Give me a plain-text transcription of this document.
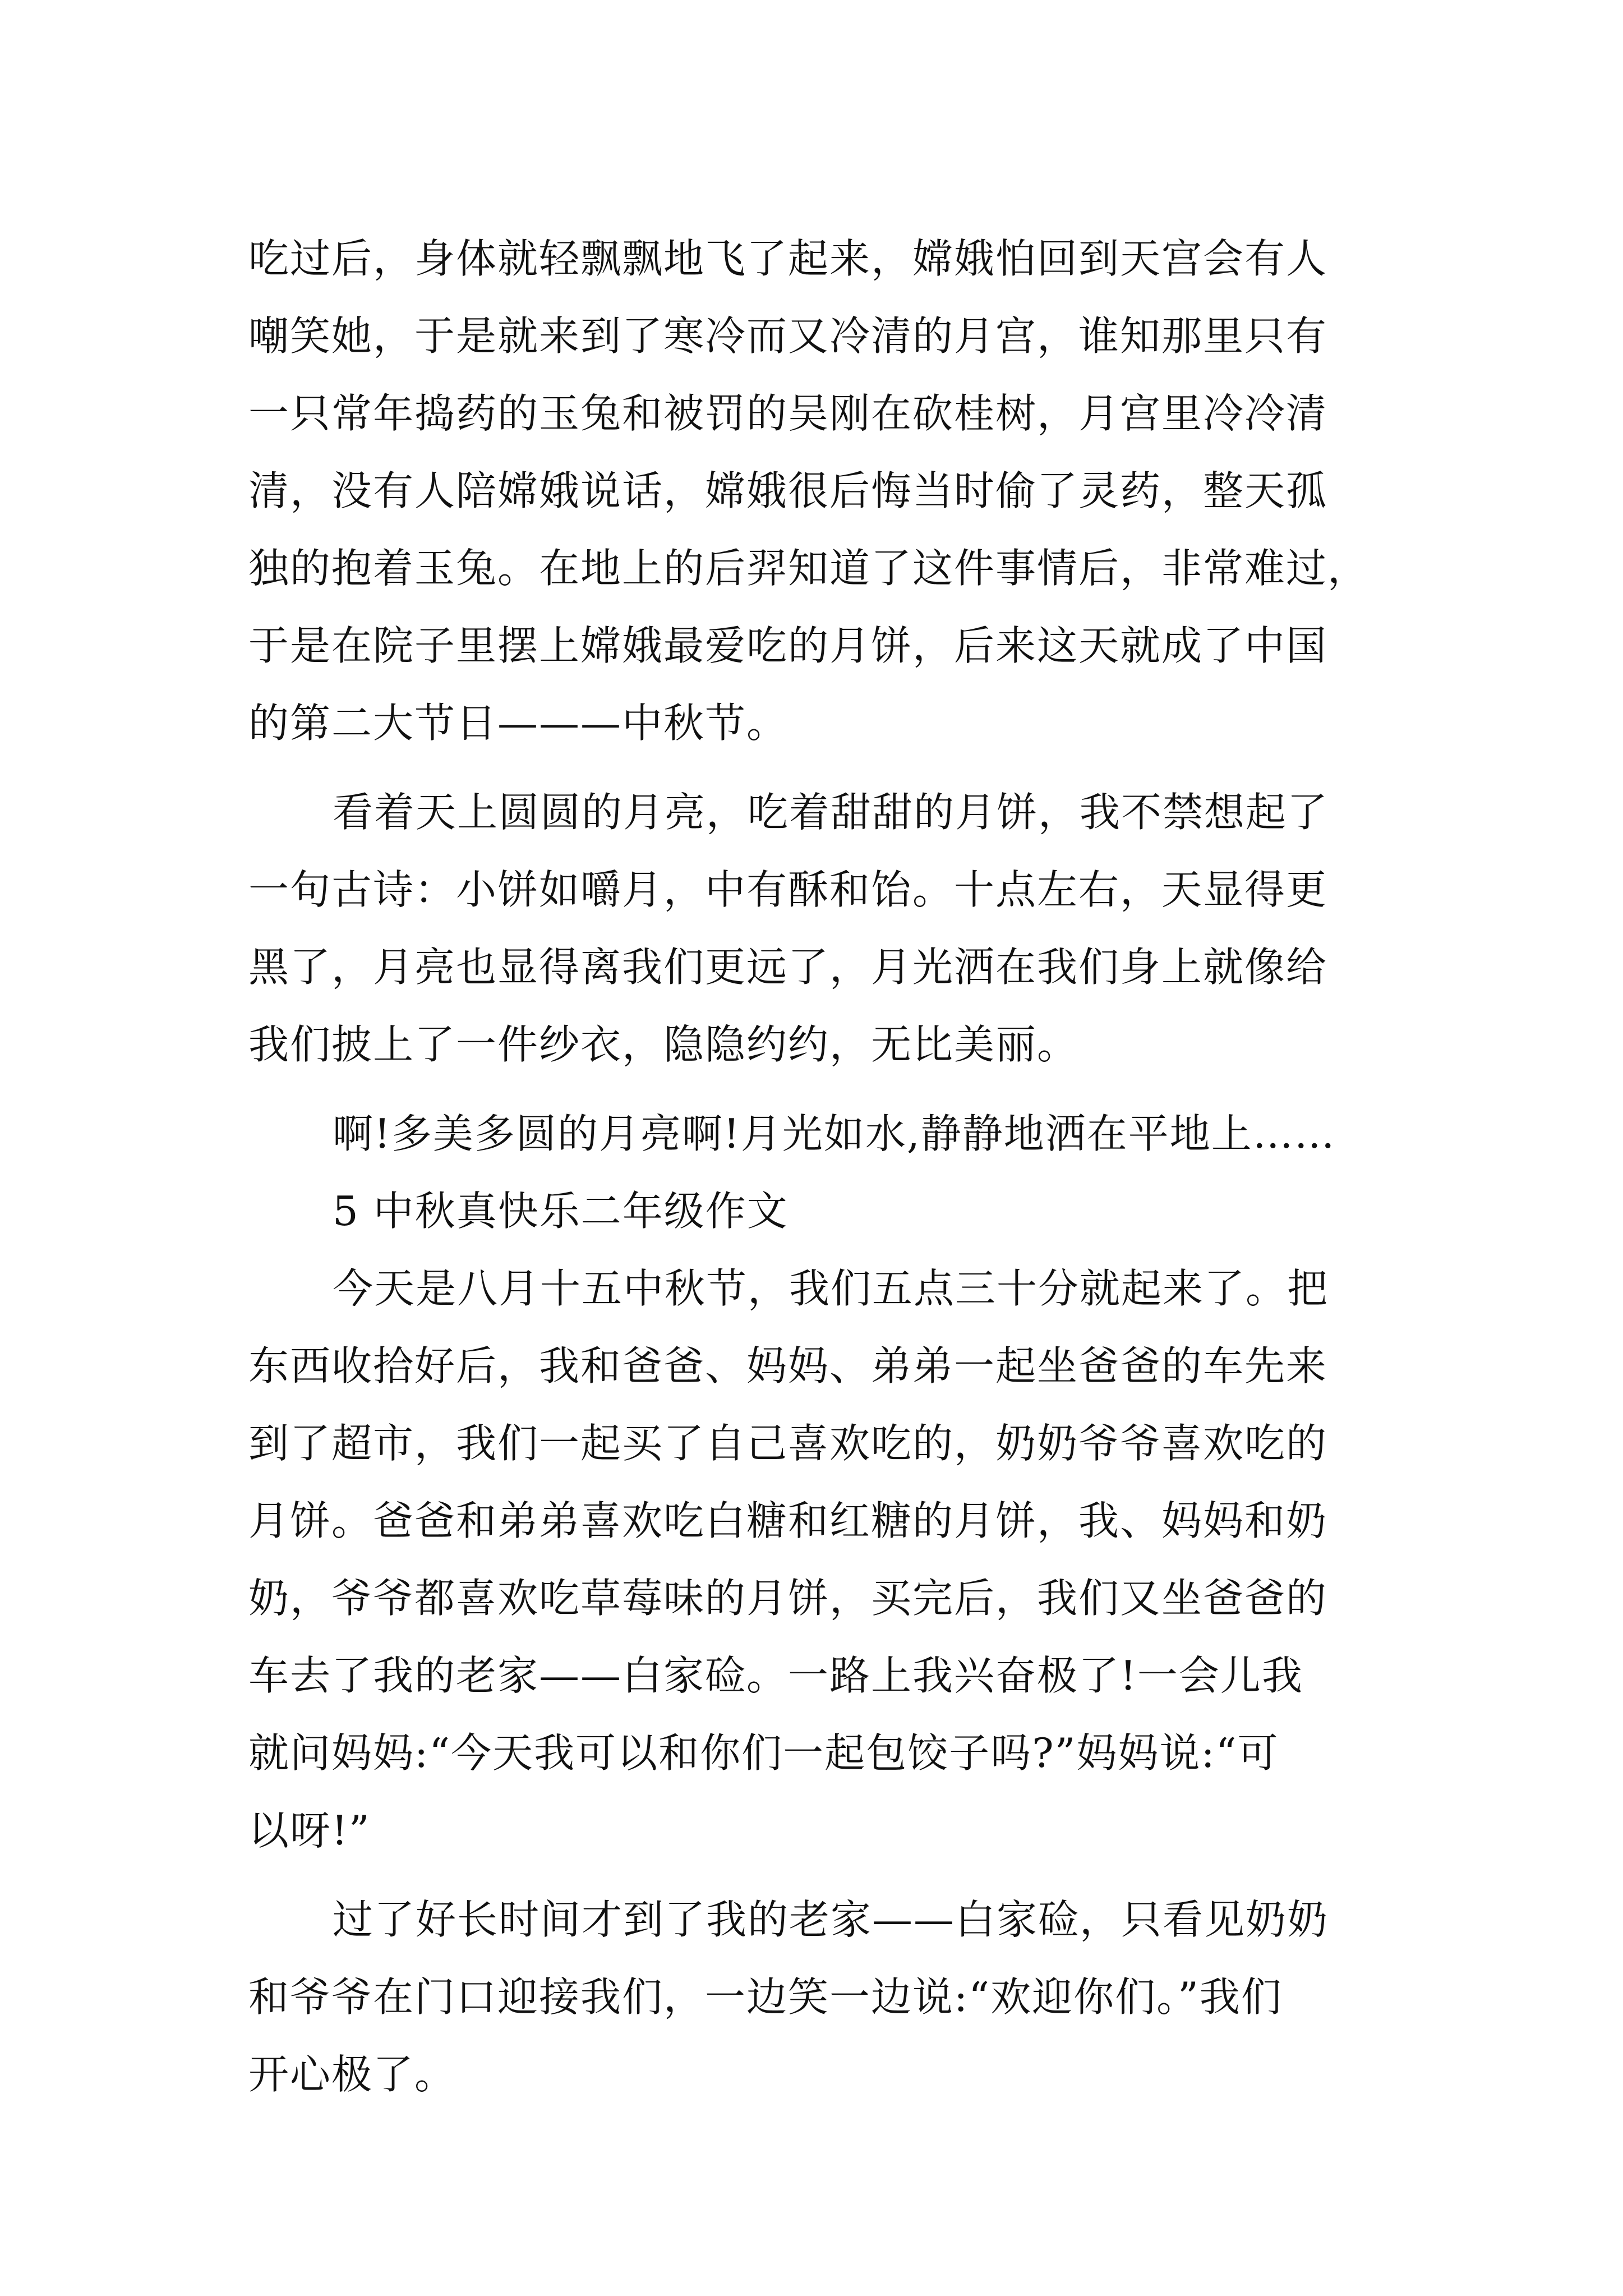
吃过后，身体就轻飘飘地飞了起来，嫦娥怕回到天宫会有人
嘲笑她，于是就来到了寒冷而又冷清的月宫，谁知那里只有
一只常年捣药的玉兔和被罚的吴刚在砍桂树，月宫里冷冷清
清，没有人陪嫦娥说话，嫦娥很后悔当时偷了灵药，整天孤
独的抱着玉兔。在地上的后羿知道了这件事情后，非常难过，
于是在院子里摆上嫦娥最爱吃的月饼，后来这天就成了中国
的第二大节日———中秋节。
看着天上圆圆的月亮，吃着甜甜的月饼，我不禁想起了
一句古诗：小饼如嚼月，中有酥和饴。十点左右，天显得更
黑了，月亮也显得离我们更远了，月光洒在我们身上就像给
我们披上了一件纱衣，隐隐约约，无比美丽。
啊!多美多圆的月亮啊!月光如水,静静地洒在平地上……
5 中秋真快乐二年级作文
今天是八月十五中秋节，我们五点三十分就起来了。把
东西收拾好后，我和爸爸、妈妈、弟弟一起坐爸爸的车先来
到了超市，我们一起买了自己喜欢吃的，奶奶爷爷喜欢吃的
月饼。爸爸和弟弟喜欢吃白糖和红糖的月饼，我、妈妈和奶
奶，爷爷都喜欢吃草莓味的月饼，买完后，我们又坐爸爸的
车去了我的老家——白家硷。一路上我兴奋极了!一会儿我
就问妈妈:“今天我可以和你们一起包饺子吗?”妈妈说:“可
以呀!”
过了好长时间才到了我的老家——白家硷，只看见奶奶
和爷爷在门口迎接我们，一边笑一边说:“欢迎你们。”我们
开心极了。
